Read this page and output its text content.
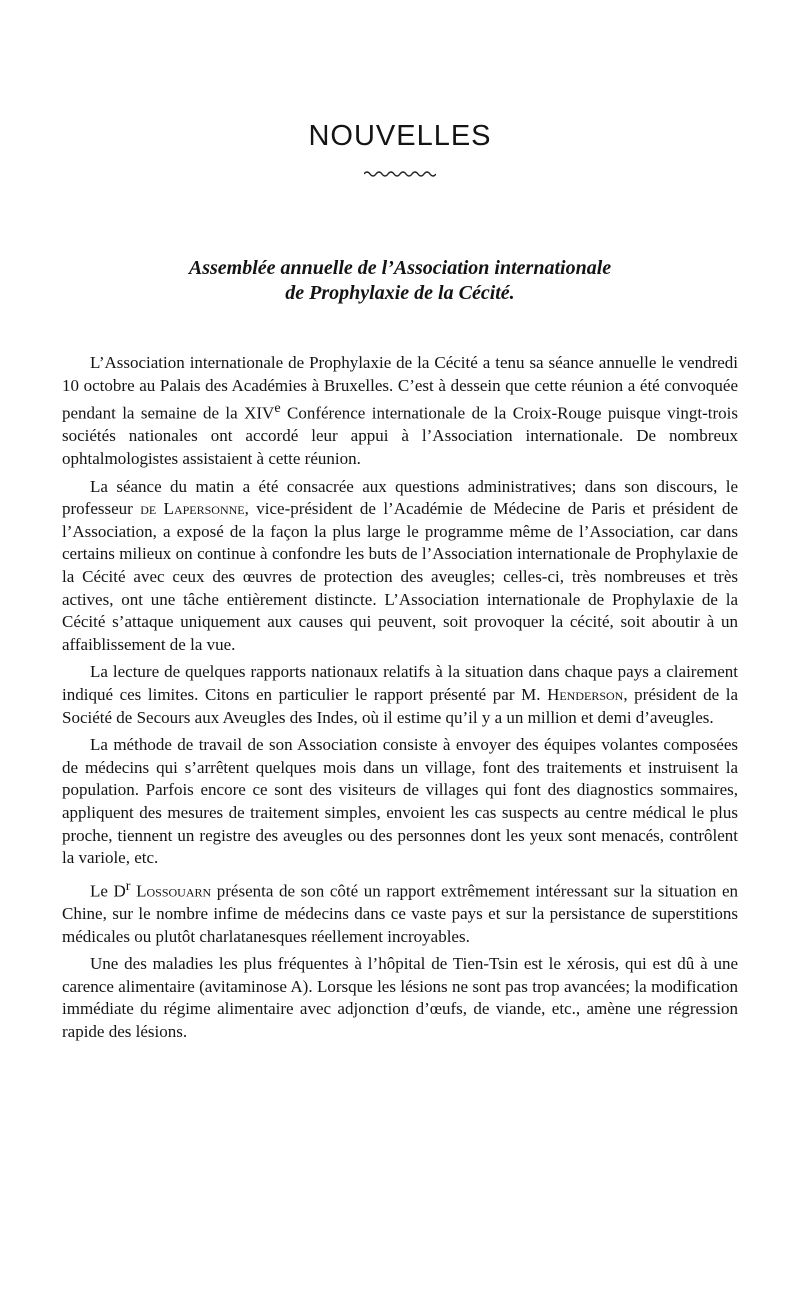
NOUVELLES
Assemblée annuelle de l’Association internationale
de Prophylaxie de la Cécité.

L’Association internationale de Prophylaxie de la Cécité a tenu sa séance annuelle le vendredi 10 octobre au Palais des Académies à Bruxelles. C’est à dessein que cette réunion a été convoquée pendant la semaine de la XIVe Conférence internationale de la Croix-Rouge puisque vingt-trois sociétés nationales ont accordé leur appui à l’Association internationale. De nombreux ophtalmologistes assistaient à cette réunion.

La séance du matin a été consacrée aux questions administratives; dans son discours, le professeur de Lapersonne, vice-président de l’Académie de Médecine de Paris et président de l’Association, a exposé de la façon la plus large le programme même de l’Association, car dans certains milieux on continue à confondre les buts de l’Association internationale de Prophylaxie de la Cécité avec ceux des œuvres de protection des aveugles; celles-ci, très nombreuses et très actives, ont une tâche entièrement distincte. L’Association internationale de Prophylaxie de la Cécité s’attaque uniquement aux causes qui peuvent, soit provoquer la cécité, soit aboutir à un affaiblissement de la vue.

La lecture de quelques rapports nationaux relatifs à la situation dans chaque pays a clairement indiqué ces limites. Citons en particulier le rapport présenté par M. Henderson, président de la Société de Secours aux Aveugles des Indes, où il estime qu’il y a un million et demi d’aveugles.

La méthode de travail de son Association consiste à envoyer des équipes volantes composées de médecins qui s’arrêtent quelques mois dans un village, font des traitements et instruisent la population. Parfois encore ce sont des visiteurs de villages qui font des diagnostics sommaires, appliquent des mesures de traitement simples, envoient les cas suspects au centre médical le plus proche, tiennent un registre des aveugles ou des personnes dont les yeux sont menacés, contrôlent la variole, etc.

Le $D^r$ Lossouarn présenta de son côté un rapport extrêmement intéressant sur la situation en Chine, sur le nombre infime de médecins dans ce vaste pays et sur la persistance de superstitions médicales ou plutôt charlatanesques réellement incroyables.

Une des maladies les plus fréquentes à l’hôpital de Tien-Tsin est le xérosis, qui est dû à une carence alimentaire (avitaminose A). Lorsque les lésions ne sont pas trop avancées; la modification immédiate du régime alimentaire avec adjonction d’œufs, de viande, etc., amène une régression rapide des lésions.
